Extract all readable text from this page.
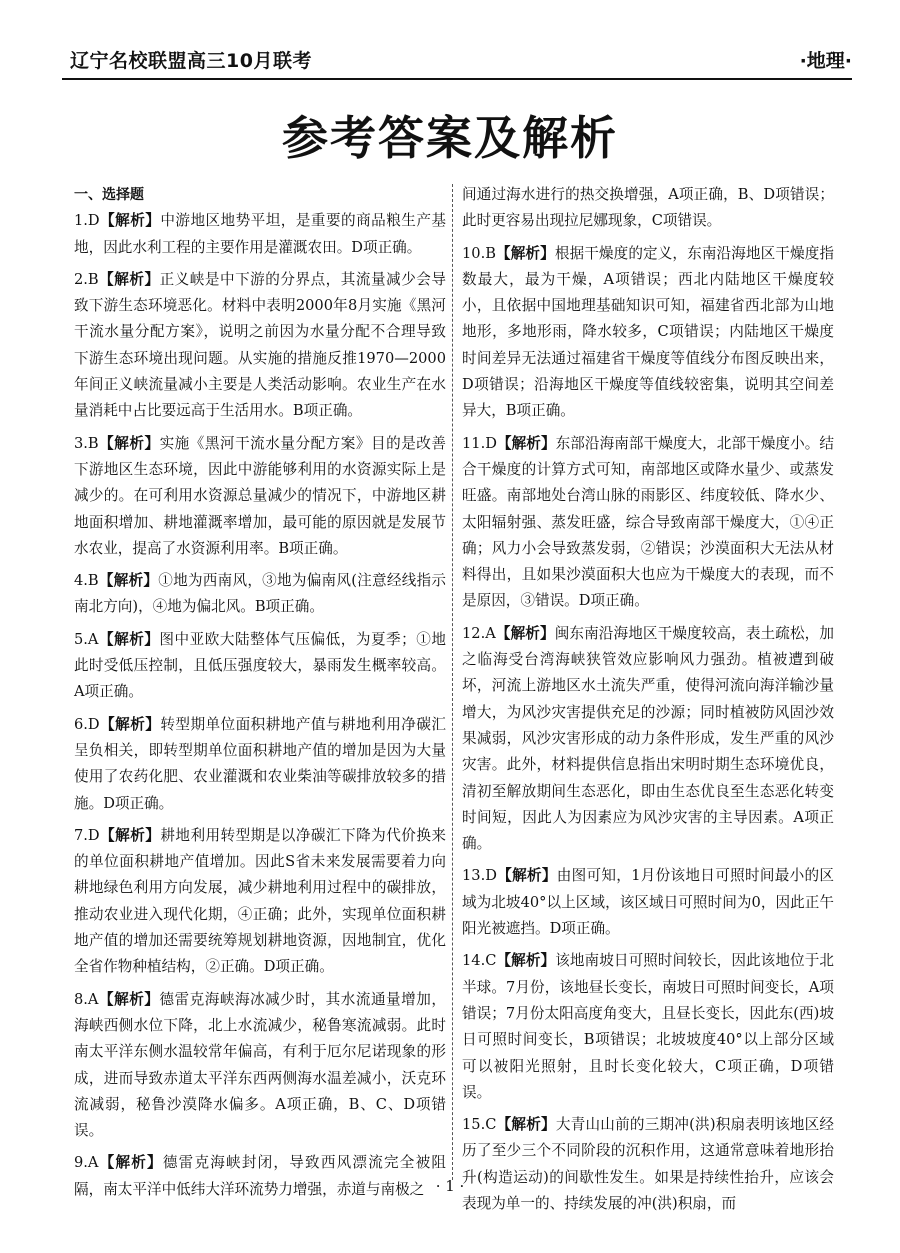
辽宁名校联盟高三10月联考	·地理·
参考答案及解析
一、选择题
1.D【解析】中游地区地势平坦，是重要的商品粮生产基地，因此水利工程的主要作用是灌溉农田。D项正确。
2.B【解析】正义峡是中下游的分界点，其流量减少会导致下游生态环境恶化。材料中表明2000年8月实施《黑河干流水量分配方案》，说明之前因为水量分配不合理导致下游生态环境出现问题。从实施的措施反推1970—2000年间正义峡流量减小主要是人类活动影响。农业生产在水量消耗中占比要远高于生活用水。B项正确。
3.B【解析】实施《黑河干流水量分配方案》目的是改善下游地区生态环境，因此中游能够利用的水资源实际上是减少的。在可利用水资源总量减少的情况下，中游地区耕地面积增加、耕地灌溉率增加，最可能的原因就是发展节水农业，提高了水资源利用率。B项正确。
4.B【解析】①地为西南风，③地为偏南风(注意经线指示南北方向)，④地为偏北风。B项正确。
5.A【解析】图中亚欧大陆整体气压偏低，为夏季；①地此时受低压控制，且低压强度较大，暴雨发生概率较高。A项正确。
6.D【解析】转型期单位面积耕地产值与耕地利用净碳汇呈负相关，即转型期单位面积耕地产值的增加是因为大量使用了农药化肥、农业灌溉和农业柴油等碳排放较多的措施。D项正确。
7.D【解析】耕地利用转型期是以净碳汇下降为代价换来的单位面积耕地产值增加。因此S省未来发展需要着力向耕地绿色利用方向发展，减少耕地利用过程中的碳排放，推动农业进入现代化期，④正确；此外，实现单位面积耕地产值的增加还需要统筹规划耕地资源，因地制宜，优化全省作物种植结构，②正确。D项正确。
8.A【解析】德雷克海峡海冰减少时，其水流通量增加，海峡西侧水位下降，北上水流减少，秘鲁寒流减弱。此时南太平洋东侧水温较常年偏高，有利于厄尔尼诺现象的形成，进而导致赤道太平洋东西两侧海水温差减小，沃克环流减弱，秘鲁沙漠降水偏多。A项正确，B、C、D项错误。
9.A【解析】德雷克海峡封闭，导致西风漂流完全被阻隔，南太平洋中低纬大洋环流势力增强，赤道与南极之
间通过海水进行的热交换增强，A项正确，B、D项错误；此时更容易出现拉尼娜现象，C项错误。
10.B【解析】根据干燥度的定义，东南沿海地区干燥度指数最大，最为干燥，A项错误；西北内陆地区干燥度较小，且依据中国地理基础知识可知，福建省西北部为山地地形，多地形雨，降水较多，C项错误；内陆地区干燥度时间差异无法通过福建省干燥度等值线分布图反映出来，D项错误；沿海地区干燥度等值线较密集，说明其空间差异大，B项正确。
11.D【解析】东部沿海南部干燥度大，北部干燥度小。结合干燥度的计算方式可知，南部地区或降水量少、或蒸发旺盛。南部地处台湾山脉的雨影区、纬度较低、降水少、太阳辐射强、蒸发旺盛，综合导致南部干燥度大，①④正确；风力小会导致蒸发弱，②错误；沙漠面积大无法从材料得出，且如果沙漠面积大也应为干燥度大的表现，而不是原因，③错误。D项正确。
12.A【解析】闽东南沿海地区干燥度较高，表土疏松，加之临海受台湾海峡狭管效应影响风力强劲。植被遭到破坏，河流上游地区水土流失严重，使得河流向海洋输沙量增大，为风沙灾害提供充足的沙源；同时植被防风固沙效果减弱，风沙灾害形成的动力条件形成，发生严重的风沙灾害。此外，材料提供信息指出宋明时期生态环境优良，清初至解放期间生态恶化，即由生态优良至生态恶化转变时间短，因此人为因素应为风沙灾害的主导因素。A项正确。
13.D【解析】由图可知，1月份该地日可照时间最小的区域为北坡40°以上区域，该区域日可照时间为0，因此正午阳光被遮挡。D项正确。
14.C【解析】该地南坡日可照时间较长，因此该地位于北半球。7月份，该地昼长变长，南坡日可照时间变长，A项错误；7月份太阳高度角变大，且昼长变长，因此东(西)坡日可照时间变长，B项错误；北坡坡度40°以上部分区域可以被阳光照射，且时长变化较大，C项正确，D项错误。
15.C【解析】大青山山前的三期冲(洪)积扇表明该地区经历了至少三个不同阶段的沉积作用，这通常意味着地形抬升(构造运动)的间歇性发生。如果是持续性抬升，应该会表现为单一的、持续发展的冲(洪)积扇，而
· 1 ·
